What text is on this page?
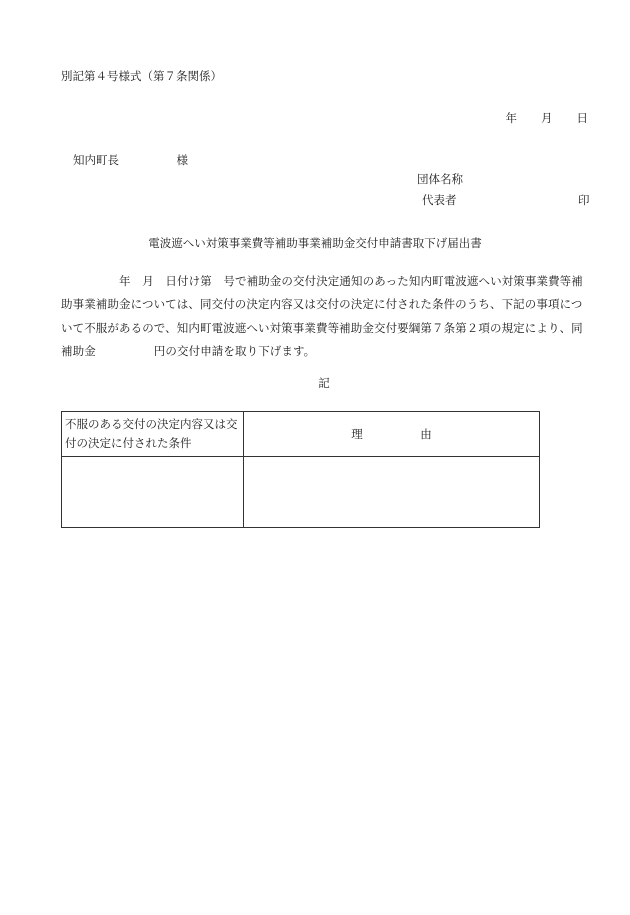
別記第４号様式（第７条関係）
年 月 日
知内町長　　　　　様
団体名称
代表者	印
電波遮へい対策事業費等補助事業補助金交付申請書取下げ届出書
　　　　　年　月　日付け第　号で補助金の交付決定通知のあった知内町電波遮へい対策事業費等補助事業補助金については、同交付の決定内容又は交付の決定に付された条件のうち、下記の事項について不服があるので、知内町電波遮へい対策事業費等補助金交付要綱第７条第２項の規定により、同補助金　　　　　円の交付申請を取り下げます。
記
不服のある交付の決定内容又は交付の決定に付された条件	理　　　　　由
